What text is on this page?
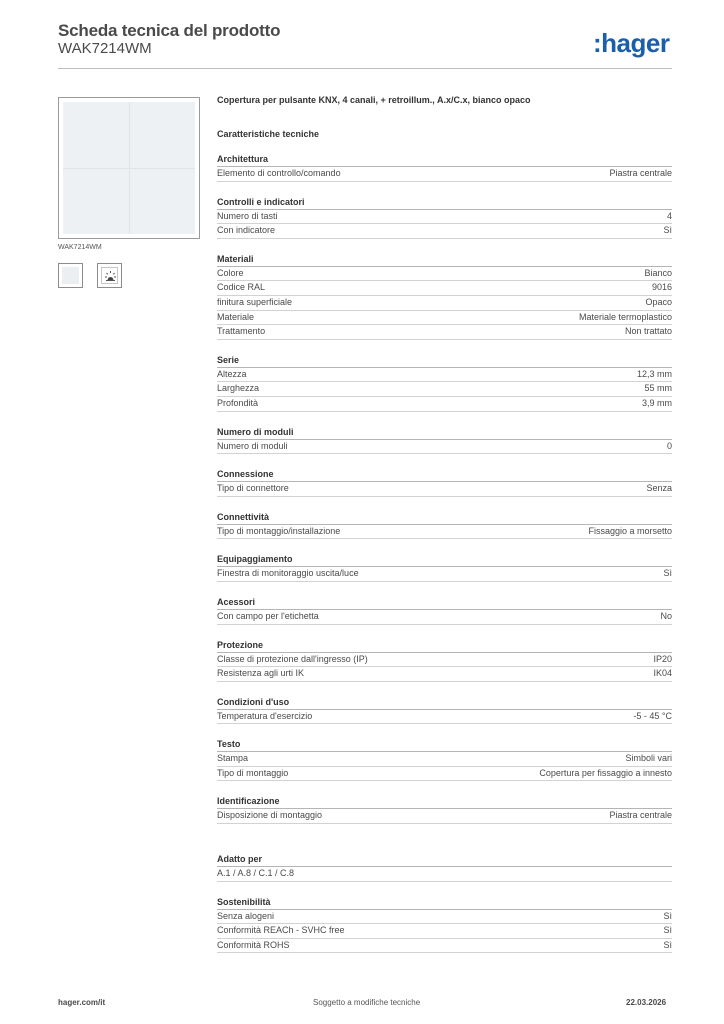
Scheda tecnica del prodotto
WAK7214WM	:hager
WAK7214WM
Copertura per pulsante KNX, 4 canali, + retroillum., A.x/C.x, bianco opaco
Caratteristiche tecniche
Architettura
Elemento di controllo/comando	Piastra centrale
Controlli e indicatori
Numero di tasti	4
Con indicatore	Sì
Materiali
Colore	Bianco
Codice RAL	9016
finitura superficiale	Opaco
Materiale	Materiale termoplastico
Trattamento	Non trattato
Serie
Altezza	12,3 mm
Larghezza	55 mm
Profondità	3,9 mm
Numero di moduli
Numero di moduli	0
Connessione
Tipo di connettore	Senza
Connettività
Tipo di montaggio/installazione	Fissaggio a morsetto
Equipaggiamento
Finestra di monitoraggio uscita/luce	Sì
Acessori
Con campo per l'etichetta	No
Protezione
Classe di protezione dall'ingresso (IP)	IP20
Resistenza agli urti IK	IK04
Condizioni d'uso
Temperatura d'esercizio	-5 - 45 °C
Testo
Stampa	Simboli vari
Tipo di montaggio	Copertura per fissaggio a innesto
Identificazione
Disposizione di montaggio	Piastra centrale
Adatto per
A.1 / A.8 / C.1 / C.8
Sostenibilità
Senza alogeni	Sì
Conformità REACh - SVHC free	Sì
Conformità ROHS	Sì
hager.com/it	Soggetto a modifiche tecniche	22.03.2026
